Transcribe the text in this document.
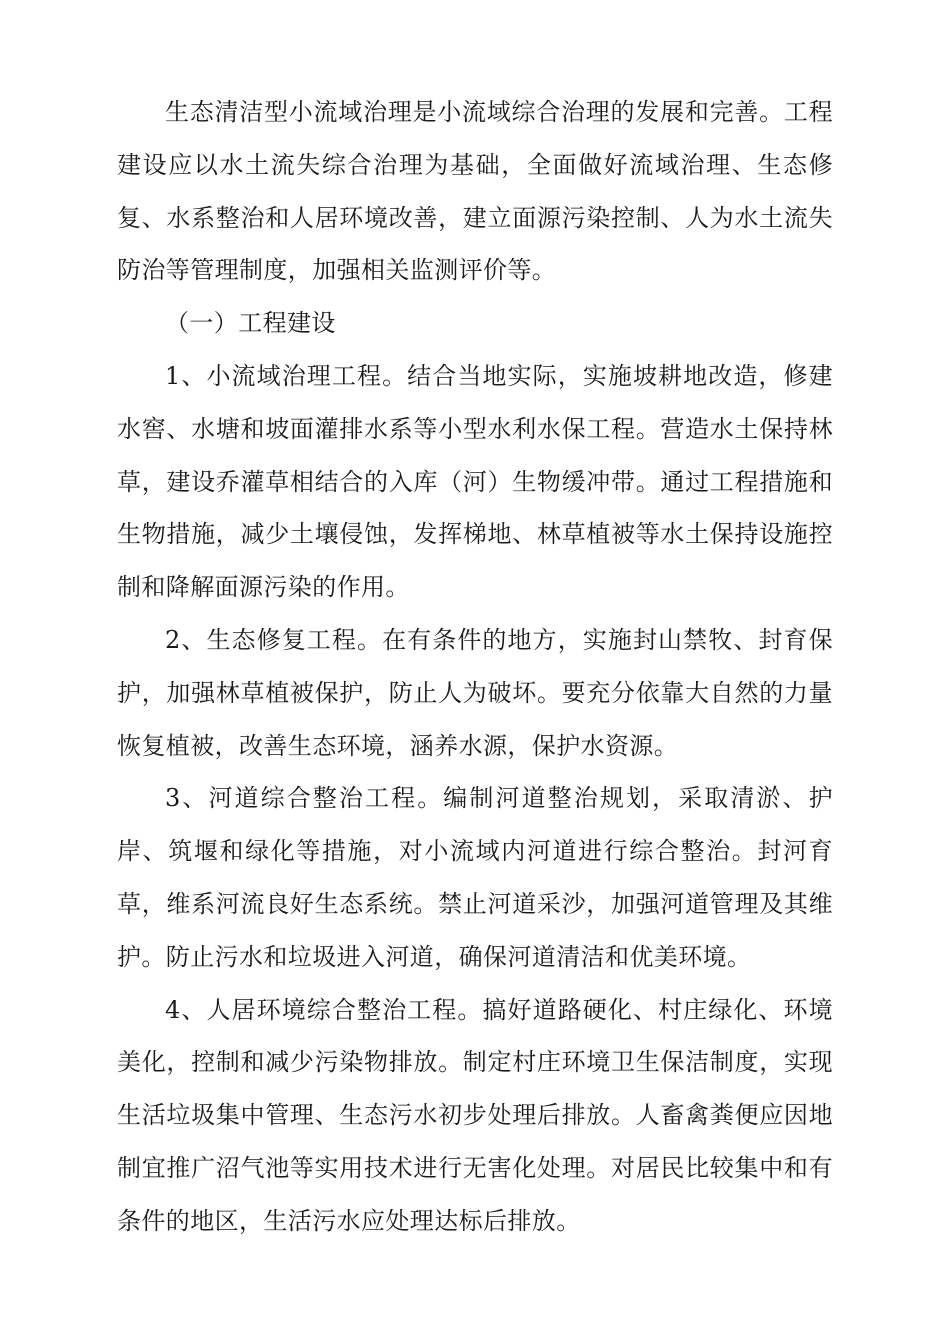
生态清洁型小流域治理是小流域综合治理的发展和完善。工程建设应以水土流失综合治理为基础，全面做好流域治理、生态修复、水系整治和人居环境改善，建立面源污染控制、人为水土流失防治等管理制度，加强相关监测评价等。

（一）工程建设

1、小流域治理工程。结合当地实际，实施坡耕地改造，修建水窖、水塘和坡面灌排水系等小型水利水保工程。营造水土保持林草，建设乔灌草相结合的入库（河）生物缓冲带。通过工程措施和生物措施，减少土壤侵蚀，发挥梯地、林草植被等水土保持设施控制和降解面源污染的作用。

2、生态修复工程。在有条件的地方，实施封山禁牧、封育保护，加强林草植被保护，防止人为破坏。要充分依靠大自然的力量恢复植被，改善生态环境，涵养水源，保护水资源。

3、河道综合整治工程。编制河道整治规划，采取清淤、护岸、筑堰和绿化等措施，对小流域内河道进行综合整治。封河育草，维系河流良好生态系统。禁止河道采沙，加强河道管理及其维护。防止污水和垃圾进入河道，确保河道清洁和优美环境。

4、人居环境综合整治工程。搞好道路硬化、村庄绿化、环境美化，控制和减少污染物排放。制定村庄环境卫生保洁制度，实现生活垃圾集中管理、生态污水初步处理后排放。人畜禽粪便应因地制宜推广沼气池等实用技术进行无害化处理。对居民比较集中和有条件的地区，生活污水应处理达标后排放。
